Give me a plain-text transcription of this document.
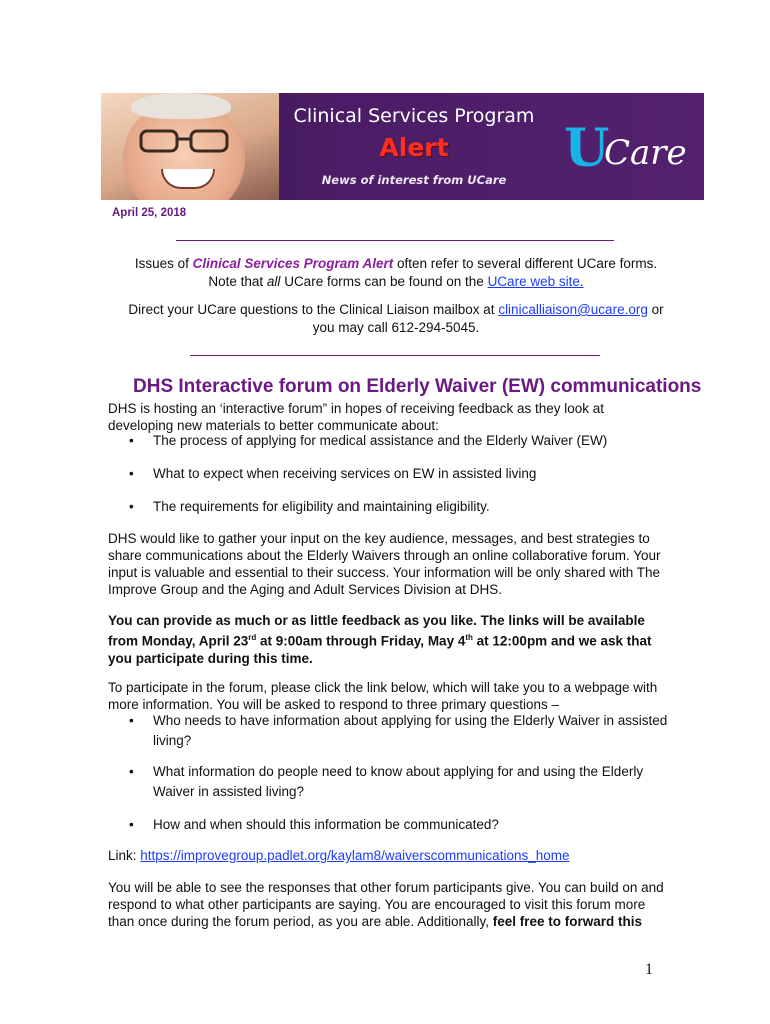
Clinical Services Program
Alert
News of interest from UCare
U
Care
April 25, 2018
Issues of Clinical Services Program Alert often refer to several different UCare forms.
Note that all UCare forms can be found on the UCare web site.
Direct your UCare questions to the Clinical Liaison mailbox at clinicalliaison@ucare.org or
you may call 612-294-5045.
DHS Interactive forum on Elderly Waiver (EW) communications
DHS is hosting an ‘interactive forum” in hopes of receiving feedback as they look at
developing new materials to better communicate about:
• The process of applying for medical assistance and the Elderly Waiver (EW)
• What to expect when receiving services on EW in assisted living
• The requirements for eligibility and maintaining eligibility.
DHS would like to gather your input on the key audience, messages, and best strategies to
share communications about the Elderly Waivers through an online collaborative forum. Your
input is valuable and essential to their success. Your information will be only shared with The
Improve Group and the Aging and Adult Services Division at DHS.
You can provide as much or as little feedback as you like. The links will be available
from Monday, April 23rd at 9:00am through Friday, May 4th at 12:00pm and we ask that
you participate during this time.
To participate in the forum, please click the link below, which will take you to a webpage with
more information. You will be asked to respond to three primary questions –
• Who needs to have information about applying for using the Elderly Waiver in assisted
living?
• What information do people need to know about applying for and using the Elderly
Waiver in assisted living?
• How and when should this information be communicated?
Link: https://improvegroup.padlet.org/kaylam8/waiverscommunications_home
You will be able to see the responses that other forum participants give. You can build on and
respond to what other participants are saying. You are encouraged to visit this forum more
than once during the forum period, as you are able. Additionally, feel free to forward this
1
